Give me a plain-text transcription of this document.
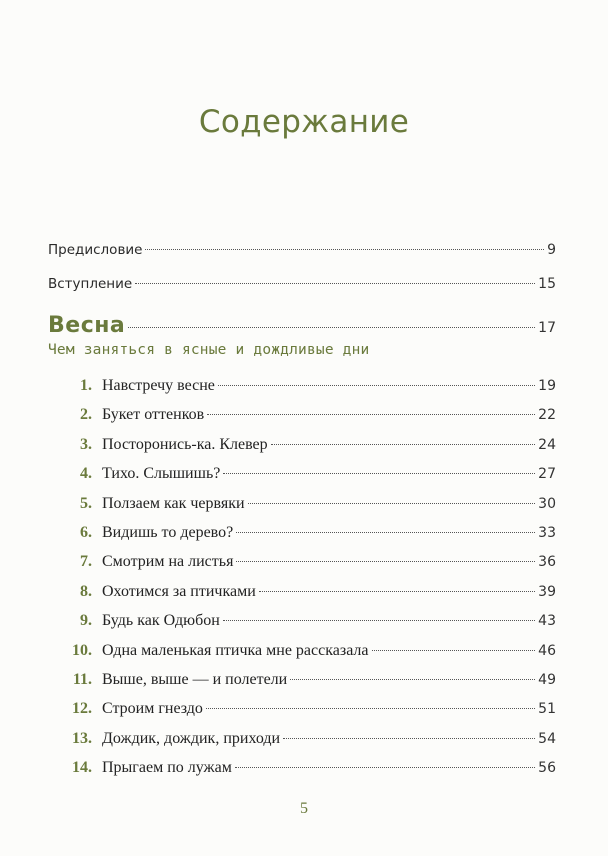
Содержание
Предисловие	9
Вступление	15
Весна	17
Чем заняться в ясные и дождливые дни
1. Навстречу весне	19
2. Букет оттенков	22
3. Посторонись-ка. Клевер	24
4. Тихо. Слышишь?	27
5. Ползаем как червяки	30
6. Видишь то дерево?	33
7. Смотрим на листья	36
8. Охотимся за птичками	39
9. Будь как Одюбон	43
10. Одна маленькая птичка мне рассказала	46
11. Выше, выше — и полетели	49
12. Строим гнездо	51
13. Дождик, дождик, приходи	54
14. Прыгаем по лужам	56
5
